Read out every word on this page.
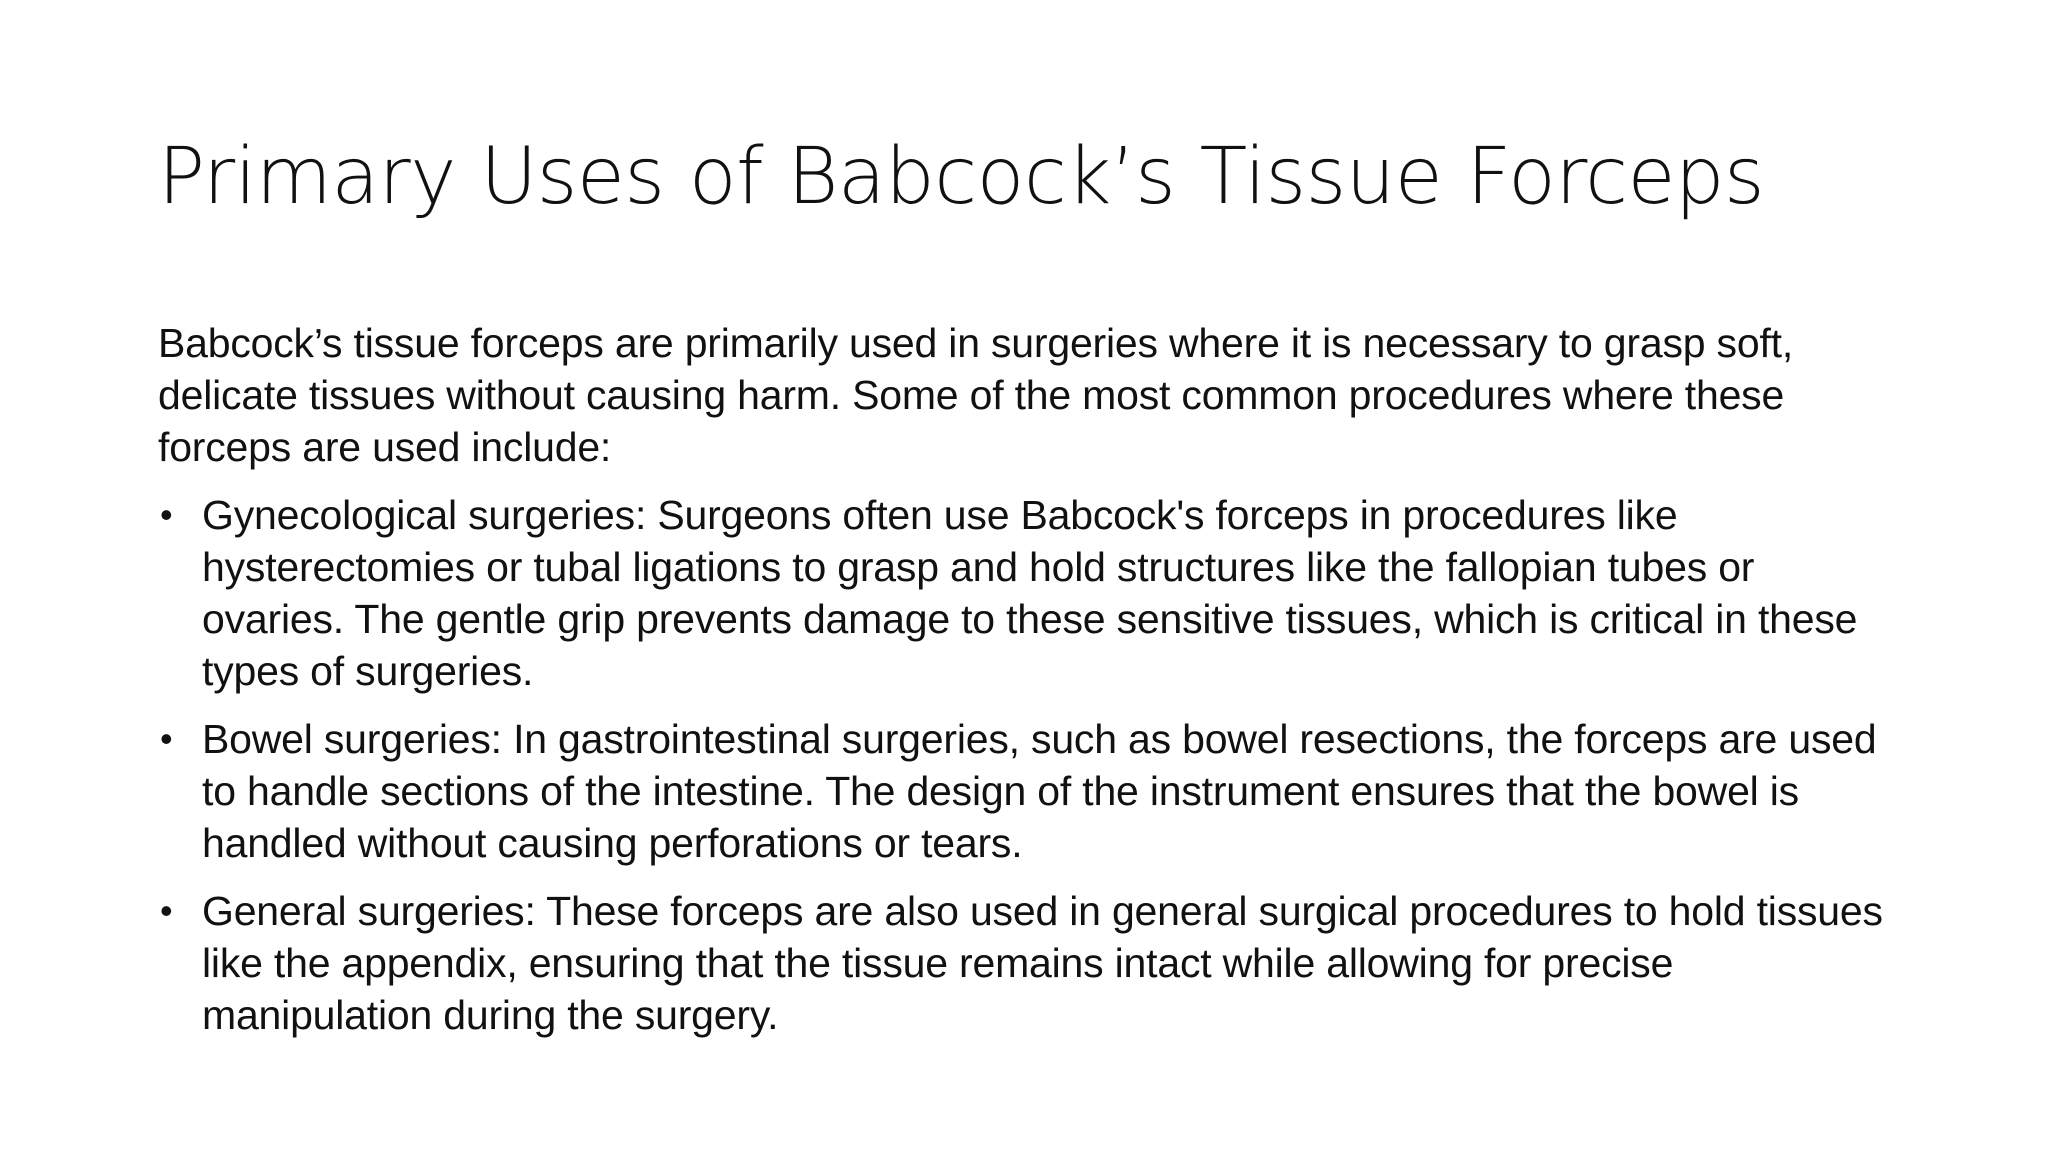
Primary Uses of Babcock’s Tissue Forceps

Babcock’s tissue forceps are primarily used in surgeries where it is necessary to grasp soft, delicate tissues without causing harm. Some of the most common procedures where these forceps are used include:

• Gynecological surgeries: Surgeons often use Babcock's forceps in procedures like hysterectomies or tubal ligations to grasp and hold structures like the fallopian tubes or ovaries. The gentle grip prevents damage to these sensitive tissues, which is critical in these types of surgeries.
• Bowel surgeries: In gastrointestinal surgeries, such as bowel resections, the forceps are used to handle sections of the intestine. The design of the instrument ensures that the bowel is handled without causing perforations or tears.
• General surgeries: These forceps are also used in general surgical procedures to hold tissues like the appendix, ensuring that the tissue remains intact while allowing for precise manipulation during the surgery.
